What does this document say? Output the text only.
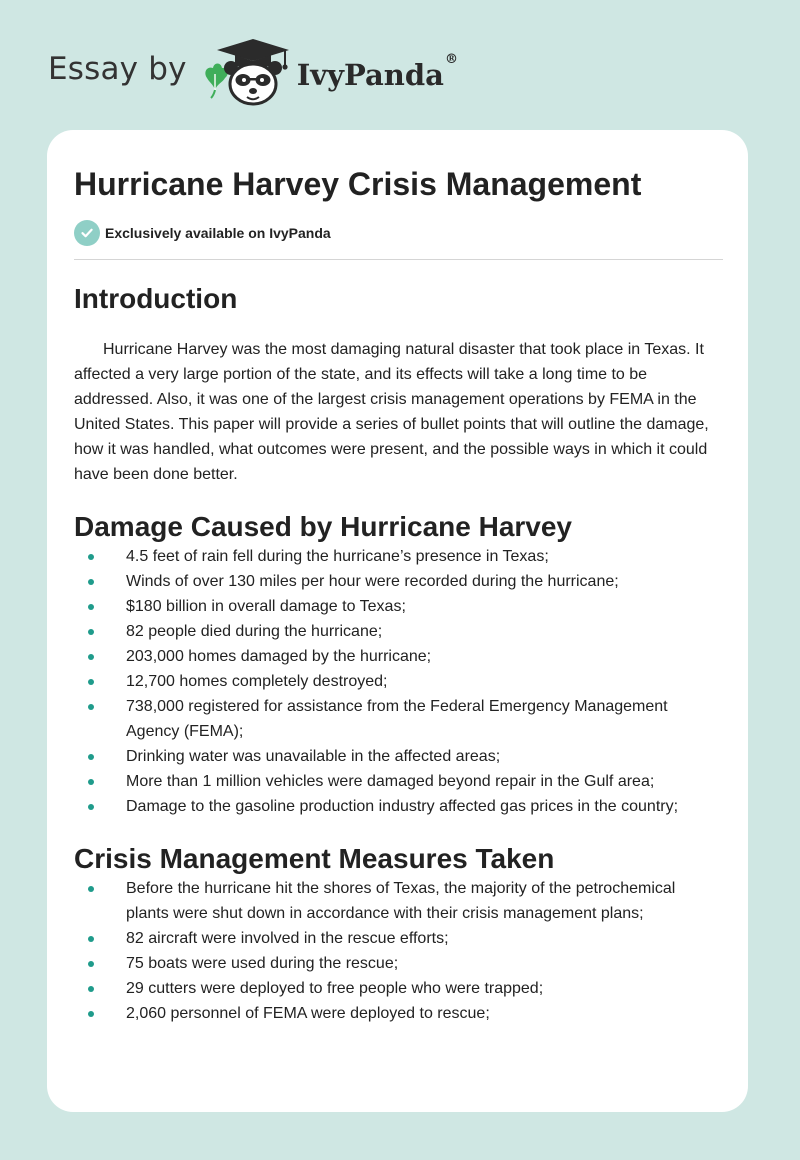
Essay by	IvyPanda®
Hurricane Harvey Crisis Management
Exclusively available on IvyPanda
Introduction

Hurricane Harvey was the most damaging natural disaster that took place in Texas. It affected a very large portion of the state, and its effects will take a long time to be addressed. Also, it was one of the largest crisis management operations by FEMA in the United States. This paper will provide a series of bullet points that will outline the damage, how it was handled, what outcomes were present, and the possible ways in which it could have been done better.

Damage Caused by Hurricane Harvey
4.5 feet of rain fell during the hurricane’s presence in Texas;
Winds of over 130 miles per hour were recorded during the hurricane;
$180 billion in overall damage to Texas;
82 people died during the hurricane;
203,000 homes damaged by the hurricane;
12,700 homes completely destroyed;
738,000 registered for assistance from the Federal Emergency Management Agency (FEMA);
Drinking water was unavailable in the affected areas;
More than 1 million vehicles were damaged beyond repair in the Gulf area;
Damage to the gasoline production industry affected gas prices in the country;
Crisis Management Measures Taken
Before the hurricane hit the shores of Texas, the majority of the petrochemical plants were shut down in accordance with their crisis management plans;
82 aircraft were involved in the rescue efforts;
75 boats were used during the rescue;
29 cutters were deployed to free people who were trapped;
2,060 personnel of FEMA were deployed to rescue;
